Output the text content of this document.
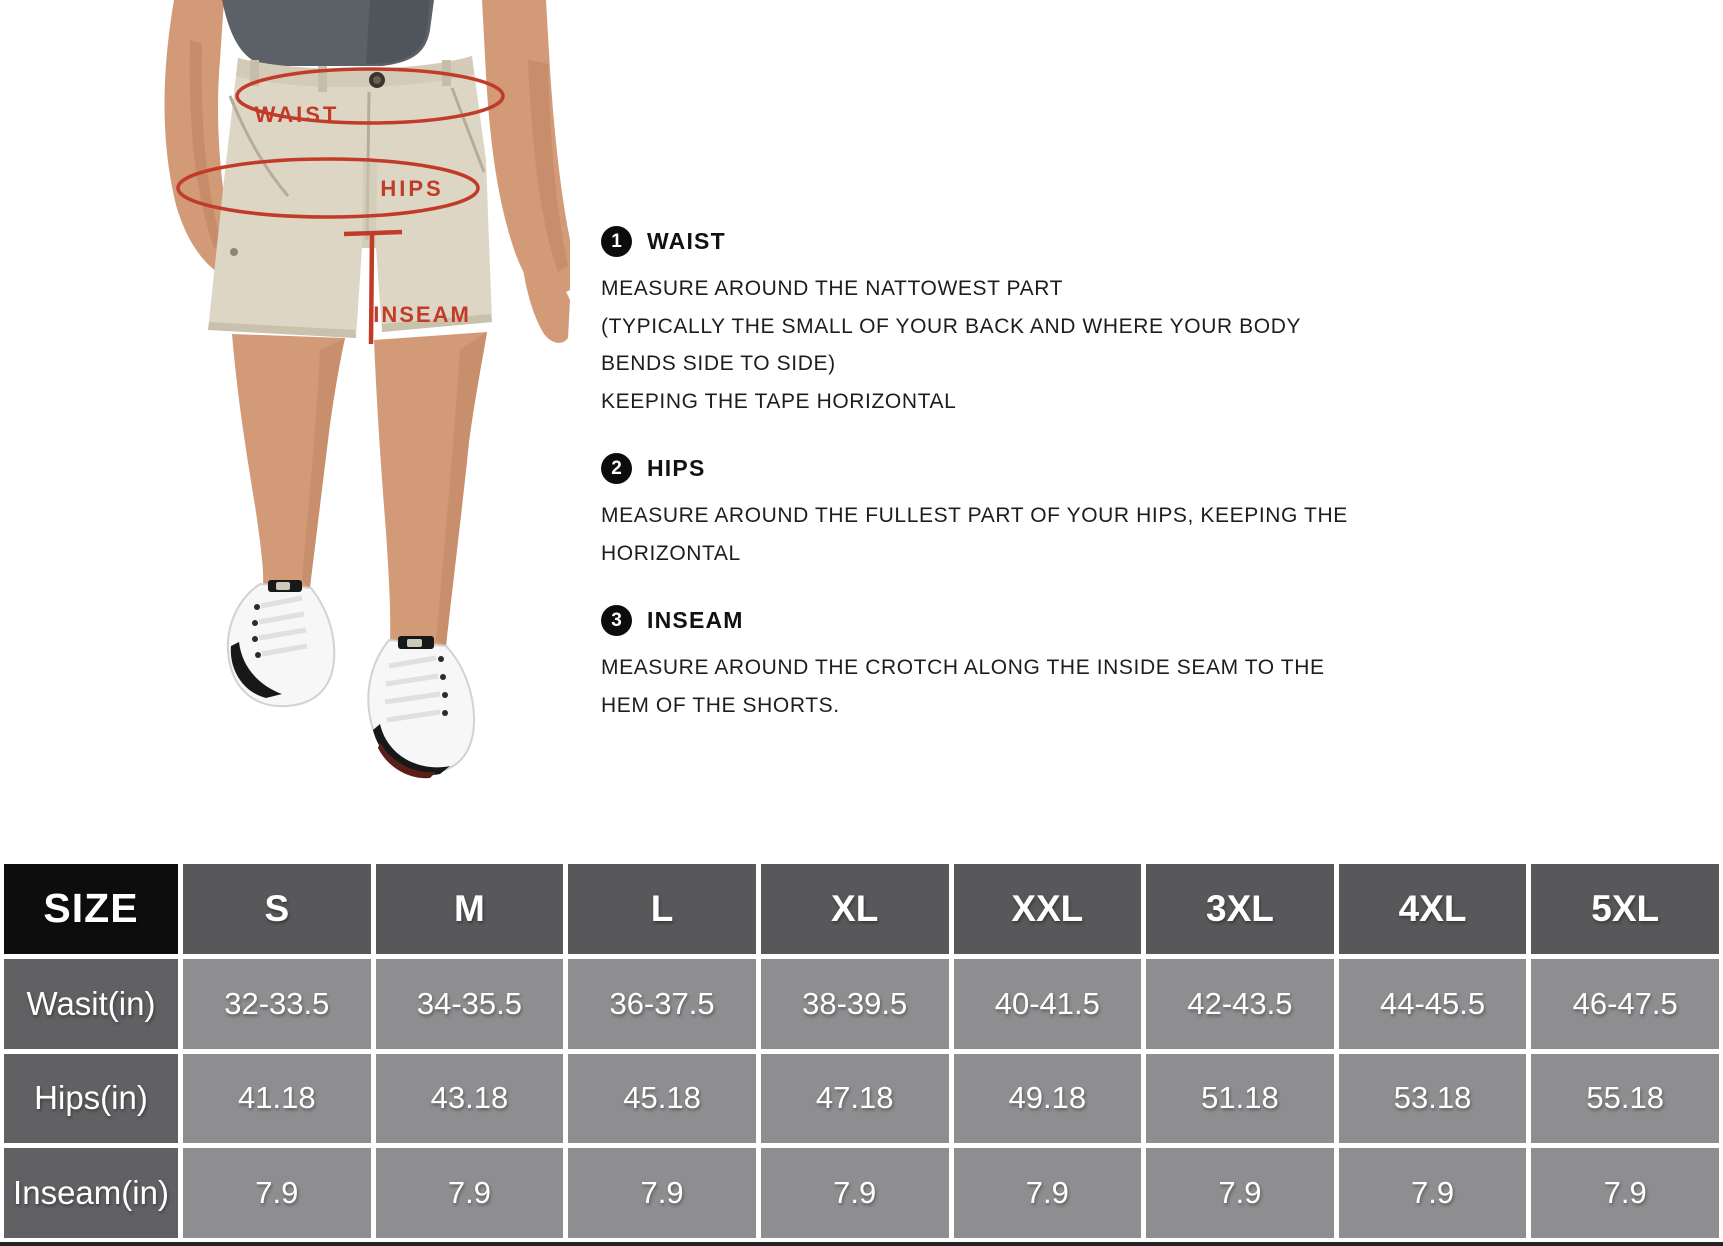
WAIST
HIPS
INSEAM
1	WAIST
MEASURE AROUND THE NATTOWEST PART
(TYPICALLY THE SMALL OF YOUR BACK AND WHERE YOUR BODY
BENDS SIDE TO SIDE)
KEEPING THE TAPE HORIZONTAL
2	HIPS
MEASURE AROUND THE FULLEST PART OF YOUR HIPS, KEEPING THE
HORIZONTAL
3	INSEAM
MEASURE AROUND THE CROTCH ALONG THE INSIDE SEAM TO THE
HEM OF THE SHORTS.
SIZE	S	M	L	XL	XXL	3XL	4XL	5XL
Wasit(in)	32-33.5	34-35.5	36-37.5	38-39.5	40-41.5	42-43.5	44-45.5	46-47.5
Hips(in)	41.18	43.18	45.18	47.18	49.18	51.18	53.18	55.18
Inseam(in)	7.9	7.9	7.9	7.9	7.9	7.9	7.9	7.9
